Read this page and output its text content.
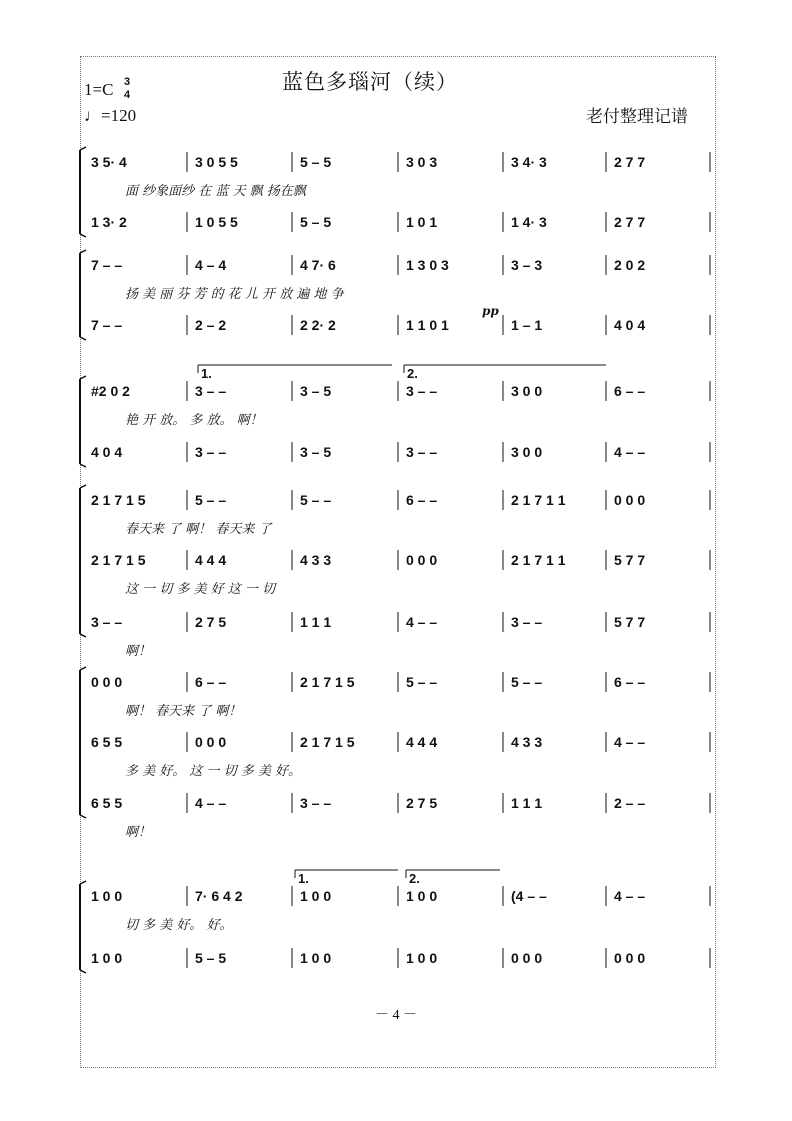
蓝色多瑙河（续）
1=C 3
4
♩=120	老付整理记谱
3 5· 4	3 0 5 5	5 – 5	3 0 3	3 4· 3	2 7 7
面 纱象面纱 在 蓝 天 飘 扬在飘
1 3· 2	1 0 5 5	5 – 5	1 0 1	1 4· 3	2 7 7
7 – –	4 – 4	4 7· 6	1 3 0 3	3 – 3	2 0 2
扬 美 丽 芬 芳 的 花 儿 开 放 遍 地 争
7 – –	2 – 2	2 2· 2	1 1 0 1	1 – 1	4 0 4
#2 0 2	3 – –	3 – 5	3 – –	3 0 0	6 – –
艳 开 放。 多 放。 啊！
4 0 4	3 – –	3 – 5	3 – –	3 0 0	4 – –
2 1 7 1 5	5 – –	5 – –	6 – –	2 1 7 1 1	0 0 0
春天来 了 啊！ 春天来 了
2 1 7 1 5	4 4 4	4 3 3	0 0 0	2 1 7 1 1	5 7 7
这 一 切 多 美 好 这 一 切
3 – –	2 7 5	1 1 1	4 – –	3 – –	5 7 7
啊！
0 0 0	6 – –	2 1 7 1 5	5 – –	5 – –	6 – –
啊！ 春天来 了 啊！
6 5 5	0 0 0	2 1 7 1 5	4 4 4	4 3 3	4 – –
多 美 好。 这 一 切 多 美 好。
6 5 5	4 – –	3 – –	2 7 5	1 1 1	2 – –
啊！
1 0 0	7· 6 4 2	1 0 0	1 0 0	(4 – –	4 – –
切 多 美 好。 好。
1 0 0	5 – 5	1 0 0	1 0 0	0 0 0	0 0 0
1.	2.
1.	2.
pp
－ 4 －
